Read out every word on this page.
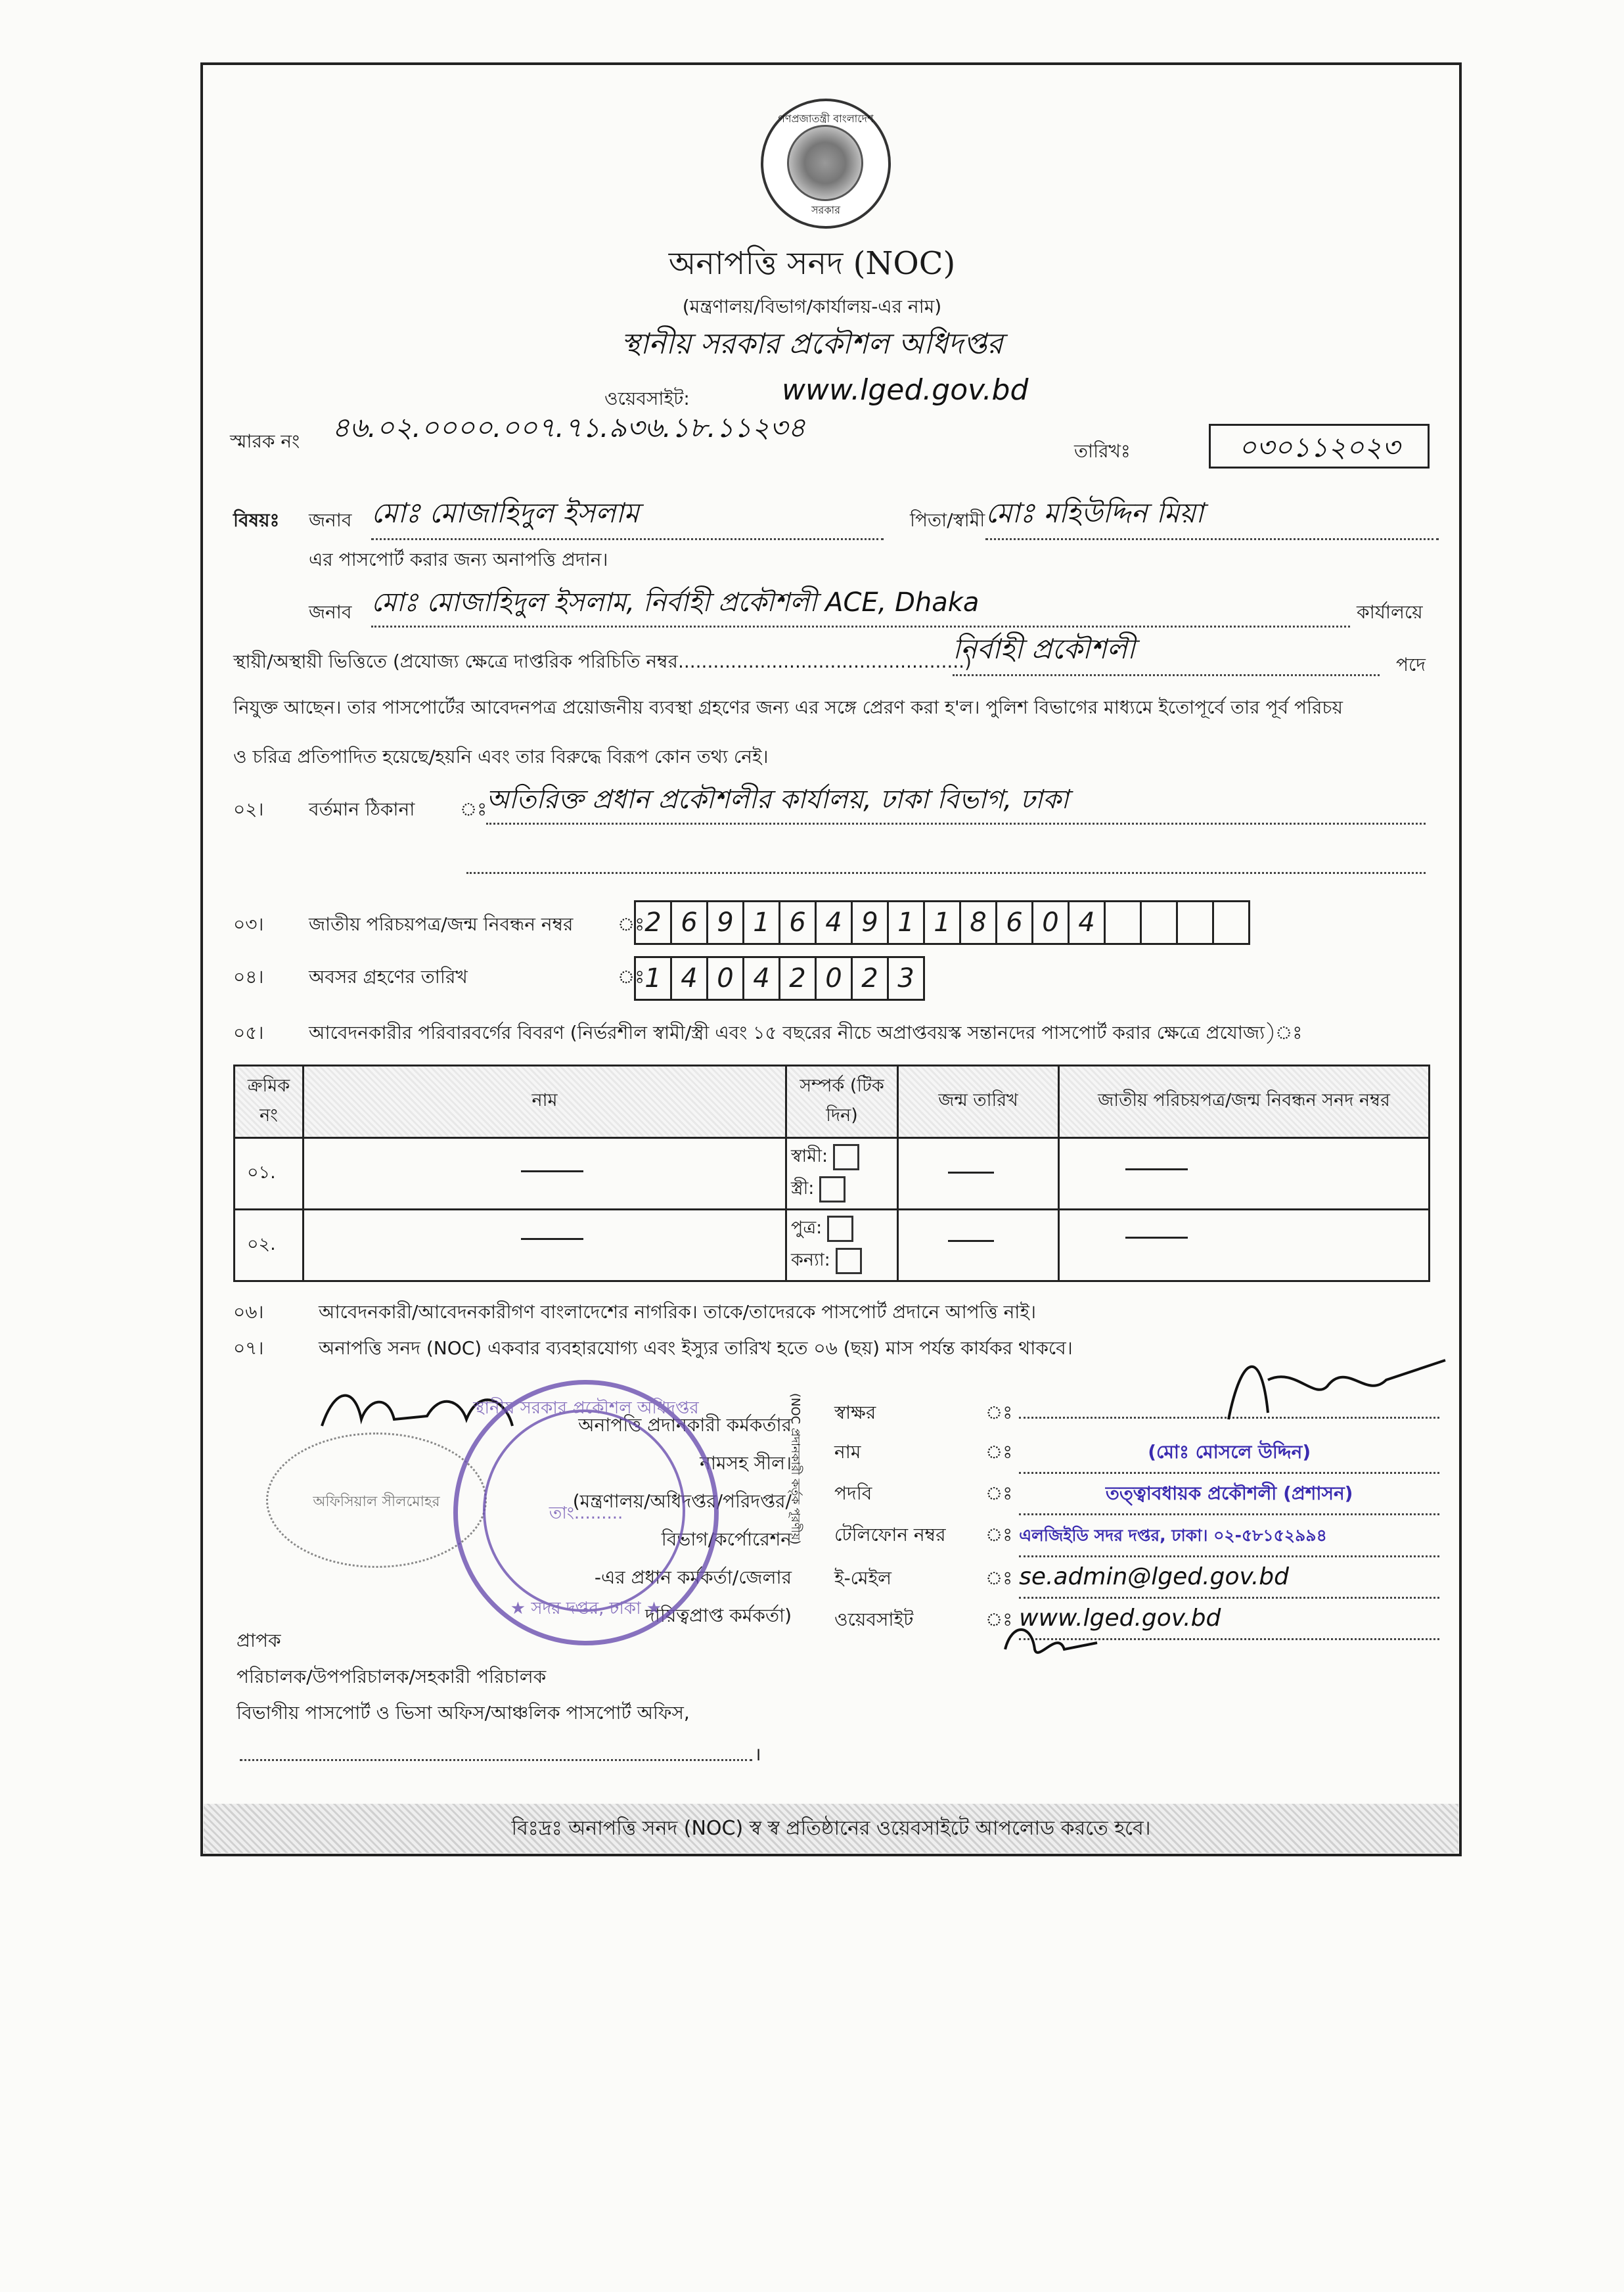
গণপ্রজাতন্ত্রী বাংলাদেশ
সরকার
অনাপত্তি সনদ (NOC)
(মন্ত্রণালয়/বিভাগ/কার্যালয়-এর নাম)
স্থানীয় সরকার প্রকৌশল অধিদপ্তর
ওয়েবসাইট:	www.lged.gov.bd
স্মারক নং ৪৬.০২.০০০০.০০৭.৭১.৯৩৬.১৮.১১২৩৪
তারিখঃ	০৩০১১২০২৩
বিষয়ঃ জনাব মোঃ মোজাহিদুল ইসলাম	পিতা/স্বামী মোঃ মহিউদ্দিন মিয়া
এর পাসপোর্ট করার জন্য অনাপত্তি প্রদান।
জনাব মোঃ মোজাহিদুল ইসলাম, নির্বাহী প্রকৌশলী ACE, Dhaka	কার্যালয়ে
স্থায়ী/অস্থায়ী ভিত্তিতে (প্রযোজ্য ক্ষেত্রে দাপ্তরিক পরিচিতি নম্বর.................................................)
নির্বাহী প্রকৌশলী	পদে
নিযুক্ত আছেন। তার পাসপোর্টের আবেদনপত্র প্রয়োজনীয় ব্যবস্থা গ্রহণের জন্য এর সঙ্গে প্রেরণ করা হ'ল। পুলিশ বিভাগের মাধ্যমে ইতোপূর্বে তার পূর্ব পরিচয়
ও চরিত্র প্রতিপাদিত হয়েছে/হয়নি এবং তার বিরুদ্ধে বিরূপ কোন তথ্য নেই।
০২। বর্তমান ঠিকানা ঃ
অতিরিক্ত প্রধান প্রকৌশলীর কার্যালয়, ঢাকা বিভাগ, ঢাকা
০৩। জাতীয় পরিচয়পত্র/জন্ম নিবন্ধন নম্বর ঃ 2 6 9 1 6 4 9 1 1 8 6 0 4
০৪। অবসর গ্রহণের তারিখ	ঃ 1 4 0 4 2 0 2 3
০৫। আবেদনকারীর পরিবারবর্গের বিবরণ (নির্ভরশীল স্বামী/স্ত্রী এবং ১৫ বছরের নীচে অপ্রাপ্তবয়স্ক সন্তানদের পাসপোর্ট করার ক্ষেত্রে প্রযোজ্য)ঃ
ক্রমিক নং	নাম	সম্পর্ক (টিক দিন)	জন্ম তারিখ	জাতীয় পরিচয়পত্র/জন্ম নিবন্ধন সনদ নম্বর
০১.		স্বামী:
স্ত্রী:		

০২.		পুত্র:
কন্যা:		

০৬।	আবেদনকারী/আবেদনকারীগণ বাংলাদেশের নাগরিক। তাকে/তাদেরকে পাসপোর্ট প্রদানে আপত্তি নাই।
০৭।	অনাপত্তি সনদ (NOC) একবার ব্যবহারযোগ্য এবং ইস্যুর তারিখ হতে ০৬ (ছয়) মাস পর্যন্ত কার্যকর থাকবে।
অফিসিয়াল সীলমোহর
অনাপত্তি প্রদানকারী কর্মকর্তার
নামসহ সীল।
(মন্ত্রণালয়/অধিদপ্তর/পরিদপ্তর/
বিভাগ/কর্পোরেশন
-এর প্রধান কর্মকর্তা/জেলার
দায়িত্বপ্রাপ্ত কর্মকর্তা)
(NOC প্রদানকারী কর্তৃক পূরণীয়)
স্থানীয় সরকার প্রকৌশল অধিদপ্তর
তাং.........
★ সদর দপ্তর, ঢাকা ★
স্বাক্ষর	ঃ
নাম	ঃ	(মোঃ মোসলে উদ্দিন)
পদবি	ঃ	তত্ত্বাবধায়ক প্রকৌশলী (প্রশাসন)
টেলিফোন নম্বর ঃ এলজিইডি সদর দপ্তর, ঢাকা। ০২-৫৮১৫২৯৯৪
ই-মেইল	ঃ se.admin@lged.gov.bd
ওয়েবসাইট	ঃ www.lged.gov.bd
প্রাপক
পরিচালক/উপপরিচালক/সহকারী পরিচালক
বিভাগীয় পাসপোর্ট ও ভিসা অফিস/আঞ্চলিক পাসপোর্ট অফিস,
।
বিঃদ্রঃ অনাপত্তি সনদ (NOC) স্ব স্ব প্রতিষ্ঠানের ওয়েবসাইটে আপলোড করতে হবে।
